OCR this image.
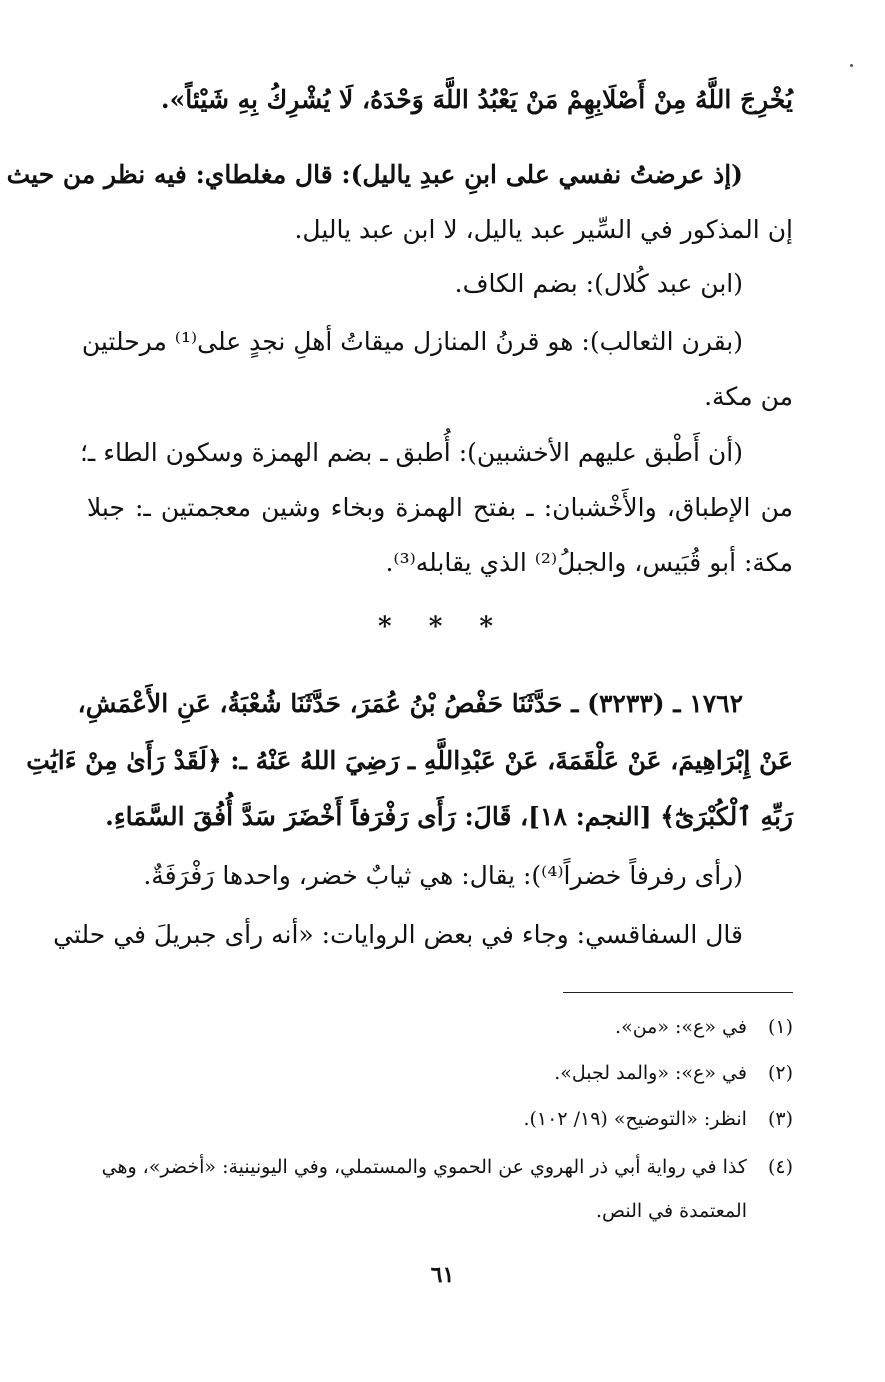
يُخْرِجَ اللَّهُ مِنْ أَصْلَابِهِمْ مَنْ يَعْبُدُ اللَّهَ وَحْدَهُ، لَا يُشْرِكُ بِهِ شَيْئاً».
(إذ عرضتُ نفسي على ابنِ عبدِ ياليل): قال مغلطاي: فيه نظر من حيث
إن المذكور في السِّير عبد ياليل، لا ابن عبد ياليل.
(ابن عبد كُلال): بضم الكاف.
(بقرن الثعالب): هو قرنُ المنازل ميقاتُ أهلِ نجدٍ على⁽¹⁾ مرحلتين
من مكة.
(أن أَطْبق عليهم الأخشبين): أُطبق ـ بضم الهمزة وسكون الطاء ـ؛
من الإطباق، والأَخْشبان: ـ بفتح الهمزة وبخاء وشين معجمتين ـ: جبلا
مكة: أبو قُبَيس، والجبلُ⁽²⁾ الذي يقابله⁽³⁾.
* * *
١٧٦٢ ـ (٣٢٣٣) ـ حَدَّثَنَا حَفْصُ بْنُ عُمَرَ، حَدَّثَنَا شُعْبَةُ، عَنِ الأَعْمَشِ،
عَنْ إِبْرَاهِيمَ، عَنْ عَلْقَمَةَ، عَنْ عَبْدِاللَّهِ ـ رَضِيَ اللهُ عَنْهُ ـ: ﴿لَقَدْ رَأَىٰ مِنْ ءَايَٰتِ
رَبِّهِ ٱلْكُبْرَىٰٓ﴾ [النجم: ١٨]، قَالَ: رَأَى رَفْرَفاً أَخْضَرَ سَدَّ أُفُقَ السَّمَاءِ.
(رأى رفرفاً خضراً⁽⁴⁾): يقال: هي ثيابٌ خضر، واحدها رَفْرَفَةٌ.
قال السفاقسي: وجاء في بعض الروايات: «أنه رأى جبريلَ في حلتي
(١) في «ع»: «من».
(٢) في «ع»: «والمد لجبل».
(٣) انظر: «التوضيح» (١٩/ ١٠٢).
(٤) كذا في رواية أبي ذر الهروي عن الحموي والمستملي، وفي اليونينية: «أخضر»، وهي
المعتمدة في النص.
٦١
